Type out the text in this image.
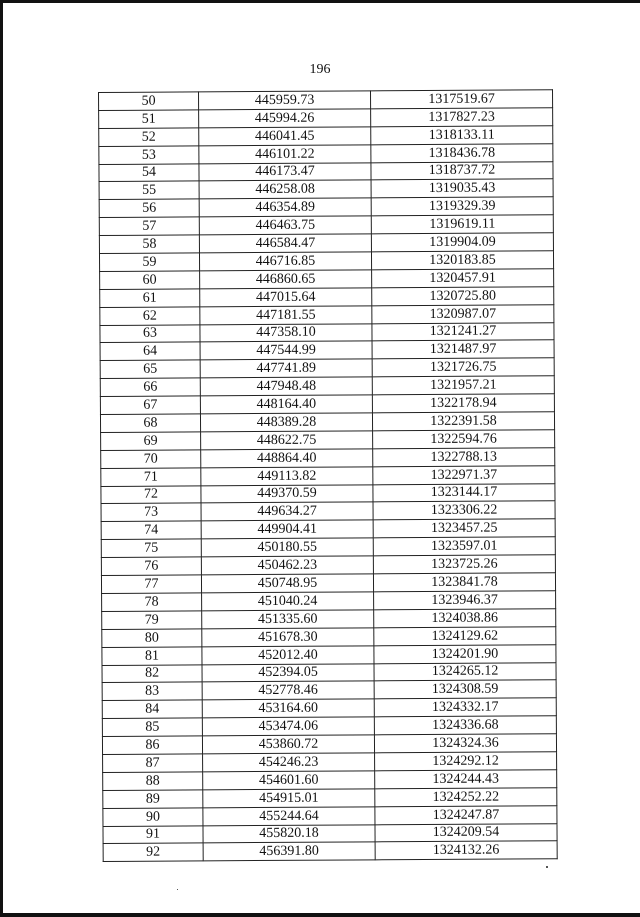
196
50	445959.73	1317519.67
51	445994.26	1317827.23
52	446041.45	1318133.11
53	446101.22	1318436.78
54	446173.47	1318737.72
55	446258.08	1319035.43
56	446354.89	1319329.39
57	446463.75	1319619.11
58	446584.47	1319904.09
59	446716.85	1320183.85
60	446860.65	1320457.91
61	447015.64	1320725.80
62	447181.55	1320987.07
63	447358.10	1321241.27
64	447544.99	1321487.97
65	447741.89	1321726.75
66	447948.48	1321957.21
67	448164.40	1322178.94
68	448389.28	1322391.58
69	448622.75	1322594.76
70	448864.40	1322788.13
71	449113.82	1322971.37
72	449370.59	1323144.17
73	449634.27	1323306.22
74	449904.41	1323457.25
75	450180.55	1323597.01
76	450462.23	1323725.26
77	450748.95	1323841.78
78	451040.24	1323946.37
79	451335.60	1324038.86
80	451678.30	1324129.62
81	452012.40	1324201.90
82	452394.05	1324265.12
83	452778.46	1324308.59
84	453164.60	1324332.17
85	453474.06	1324336.68
86	453860.72	1324324.36
87	454246.23	1324292.12
88	454601.60	1324244.43
89	454915.01	1324252.22
90	455244.64	1324247.87
91	455820.18	1324209.54
92	456391.80	1324132.26
